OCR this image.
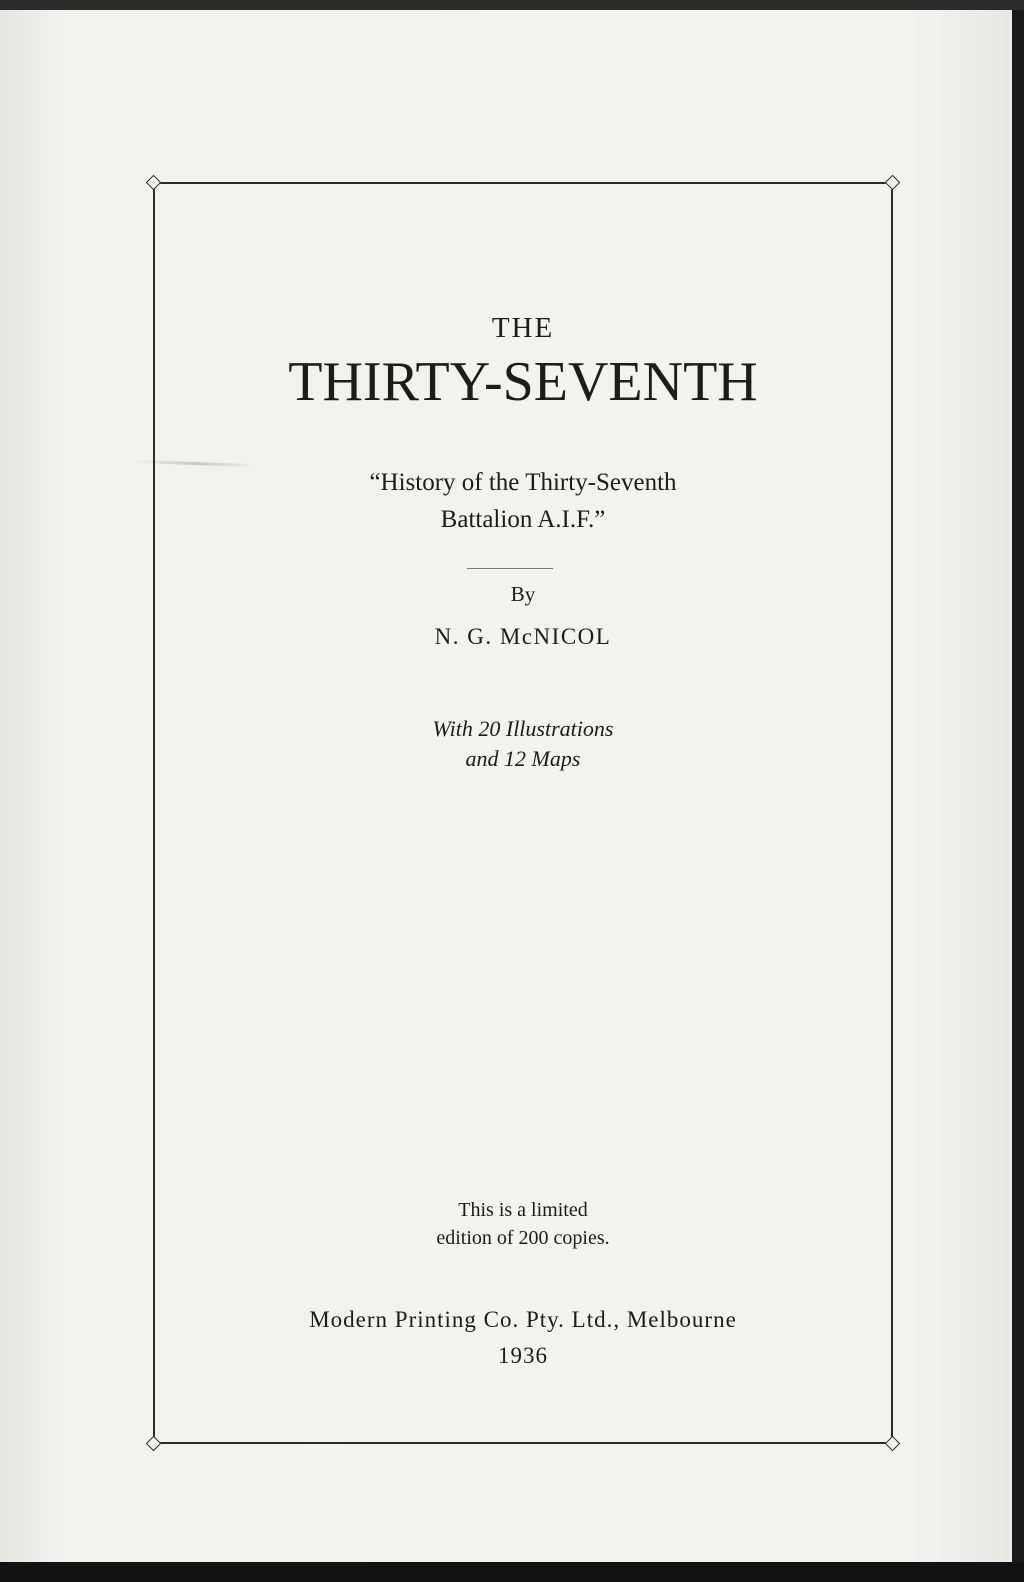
THE
THIRTY-SEVENTH
“History of the Thirty-Seventh
Battalion A.I.F.”
By
N. G. McNICOL
With 20 Illustrations
and 12 Maps
This is a limited
edition of 200 copies.
Modern Printing Co. Pty. Ltd., Melbourne
1936
